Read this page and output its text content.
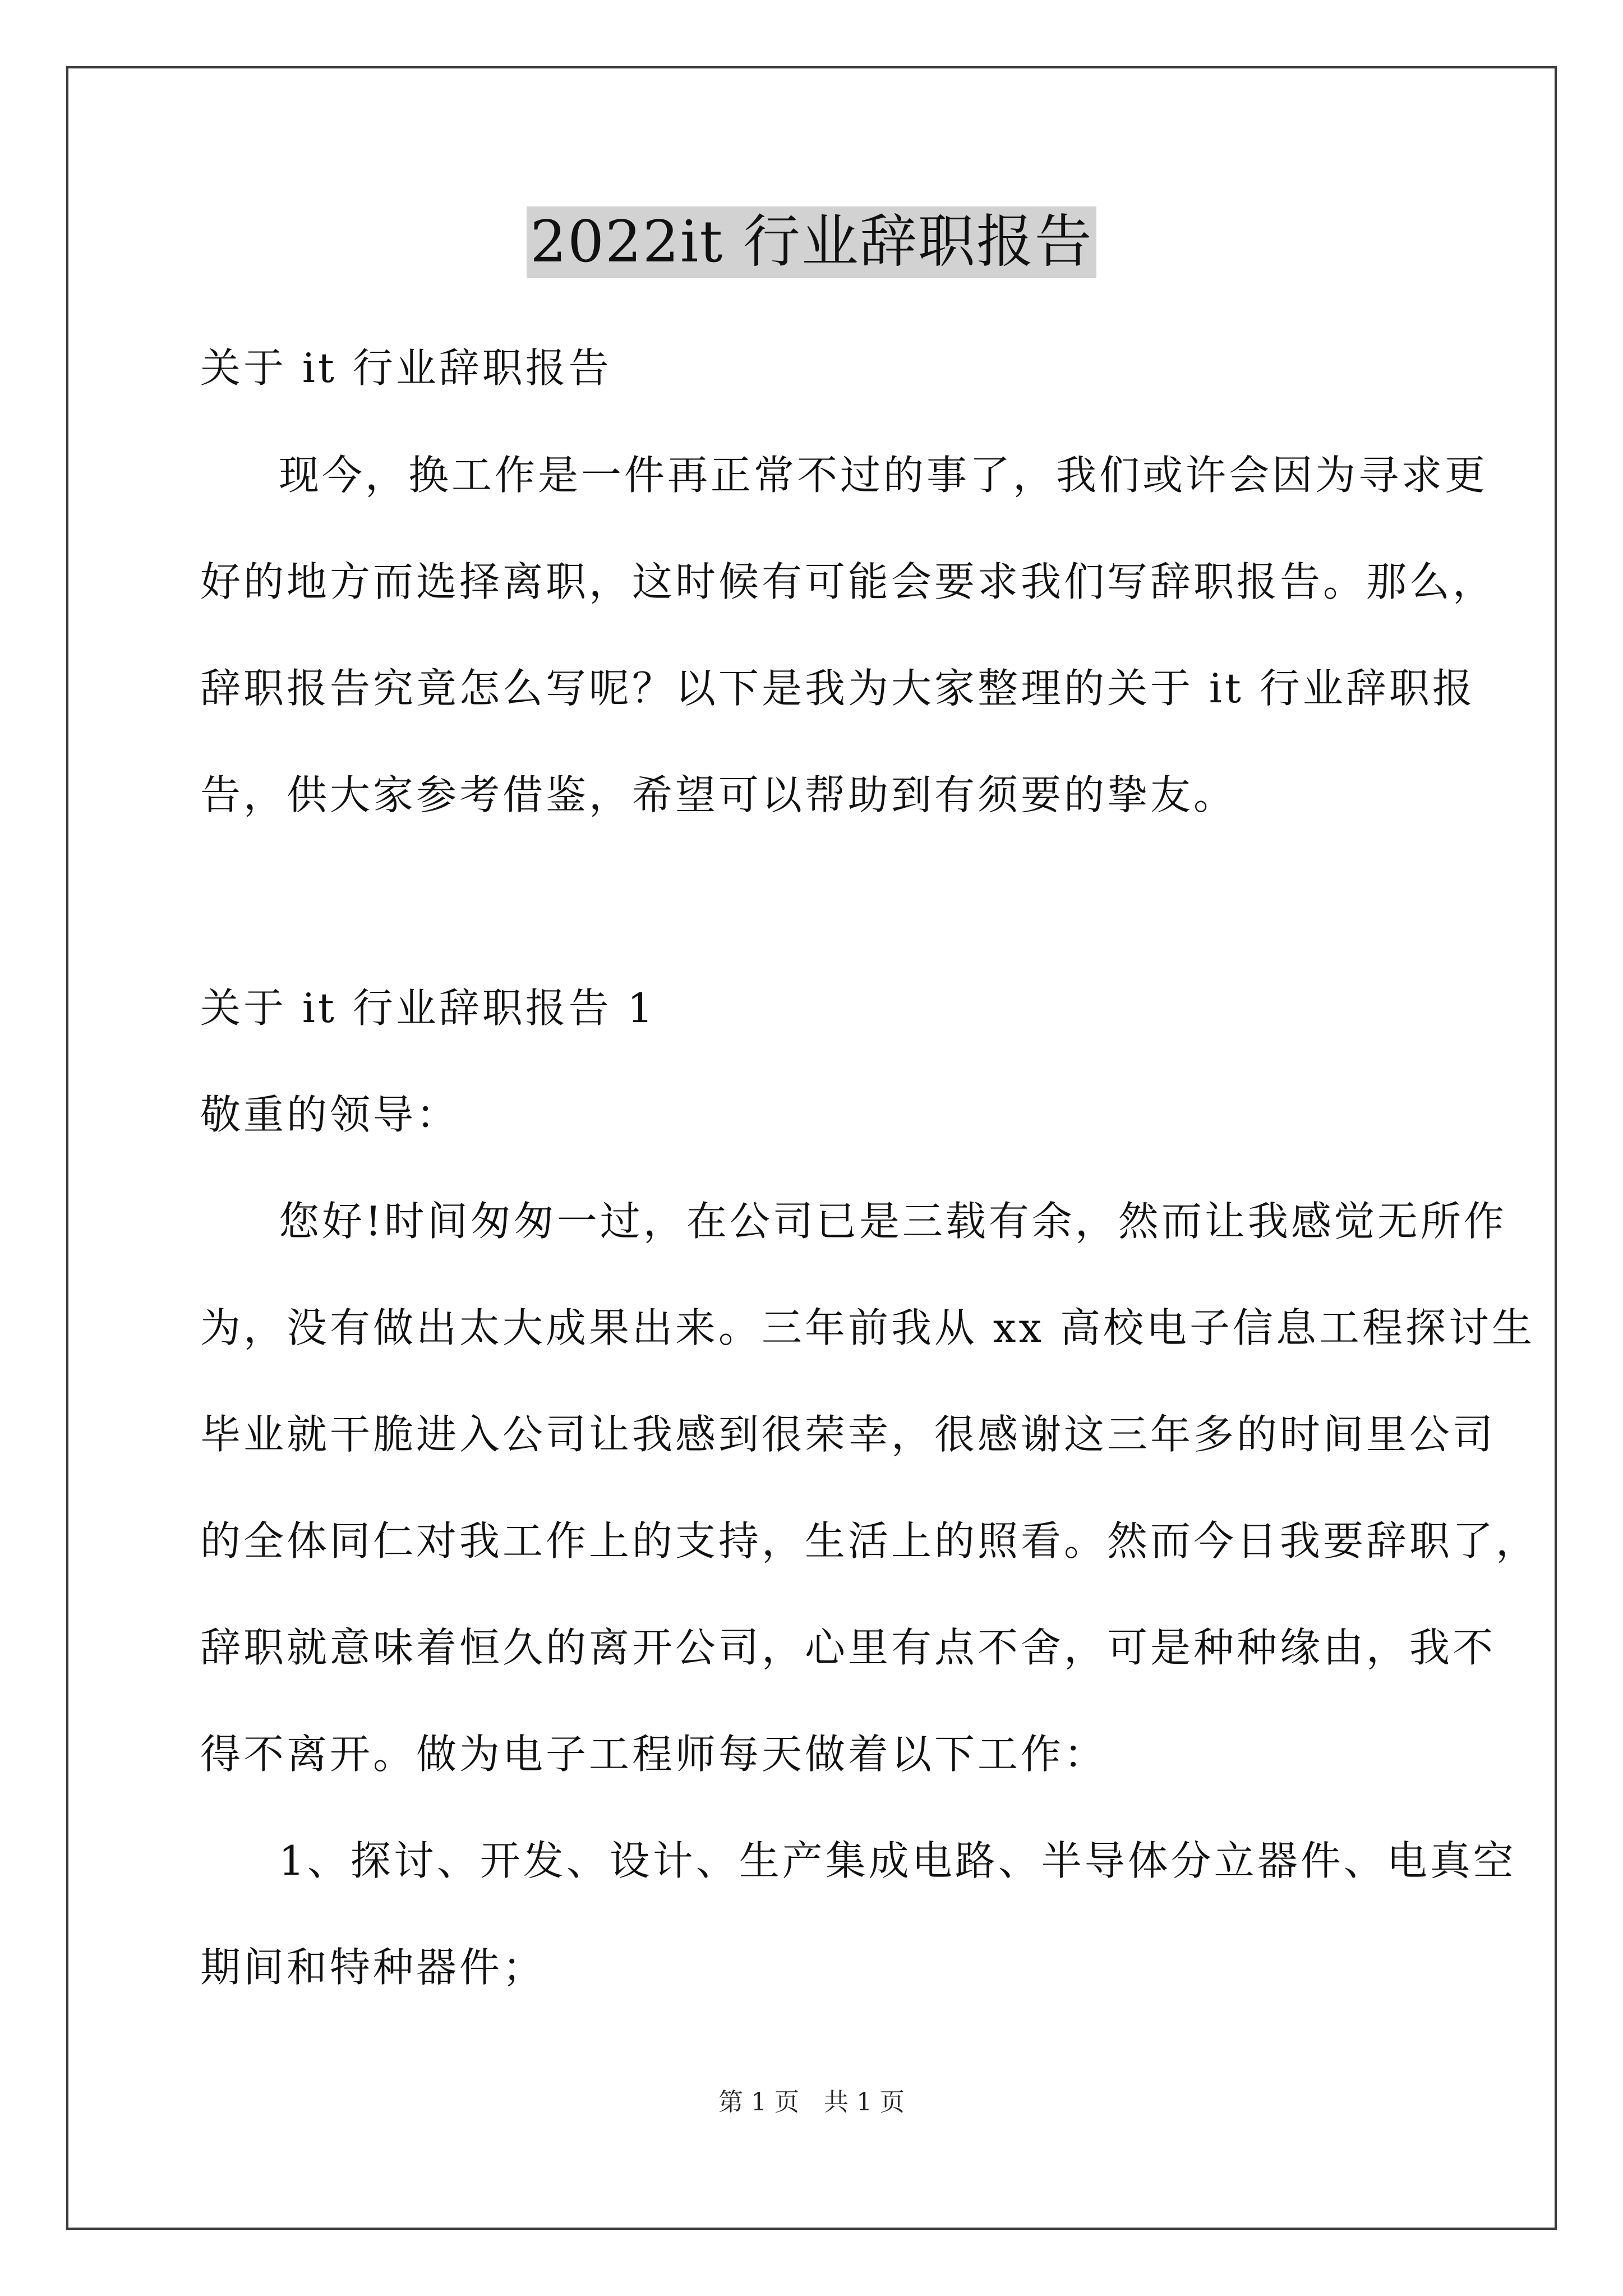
2022it 行业辞职报告
关于 it 行业辞职报告
现今，换工作是一件再正常不过的事了，我们或许会因为寻求更
好的地方而选择离职，这时候有可能会要求我们写辞职报告。那么，
辞职报告究竟怎么写呢？以下是我为大家整理的关于 it 行业辞职报
告，供大家参考借鉴，希望可以帮助到有须要的挚友。
关于 it 行业辞职报告 1
敬重的领导：
您好!时间匆匆一过，在公司已是三载有余，然而让我感觉无所作
为，没有做出太大成果出来。三年前我从 xx 高校电子信息工程探讨生
毕业就干脆进入公司让我感到很荣幸，很感谢这三年多的时间里公司
的全体同仁对我工作上的支持，生活上的照看。然而今日我要辞职了，
辞职就意味着恒久的离开公司，心里有点不舍，可是种种缘由，我不
得不离开。做为电子工程师每天做着以下工作：
1、探讨、开发、设计、生产集成电路、半导体分立器件、电真空
期间和特种器件；
第 1 页　共 1 页
